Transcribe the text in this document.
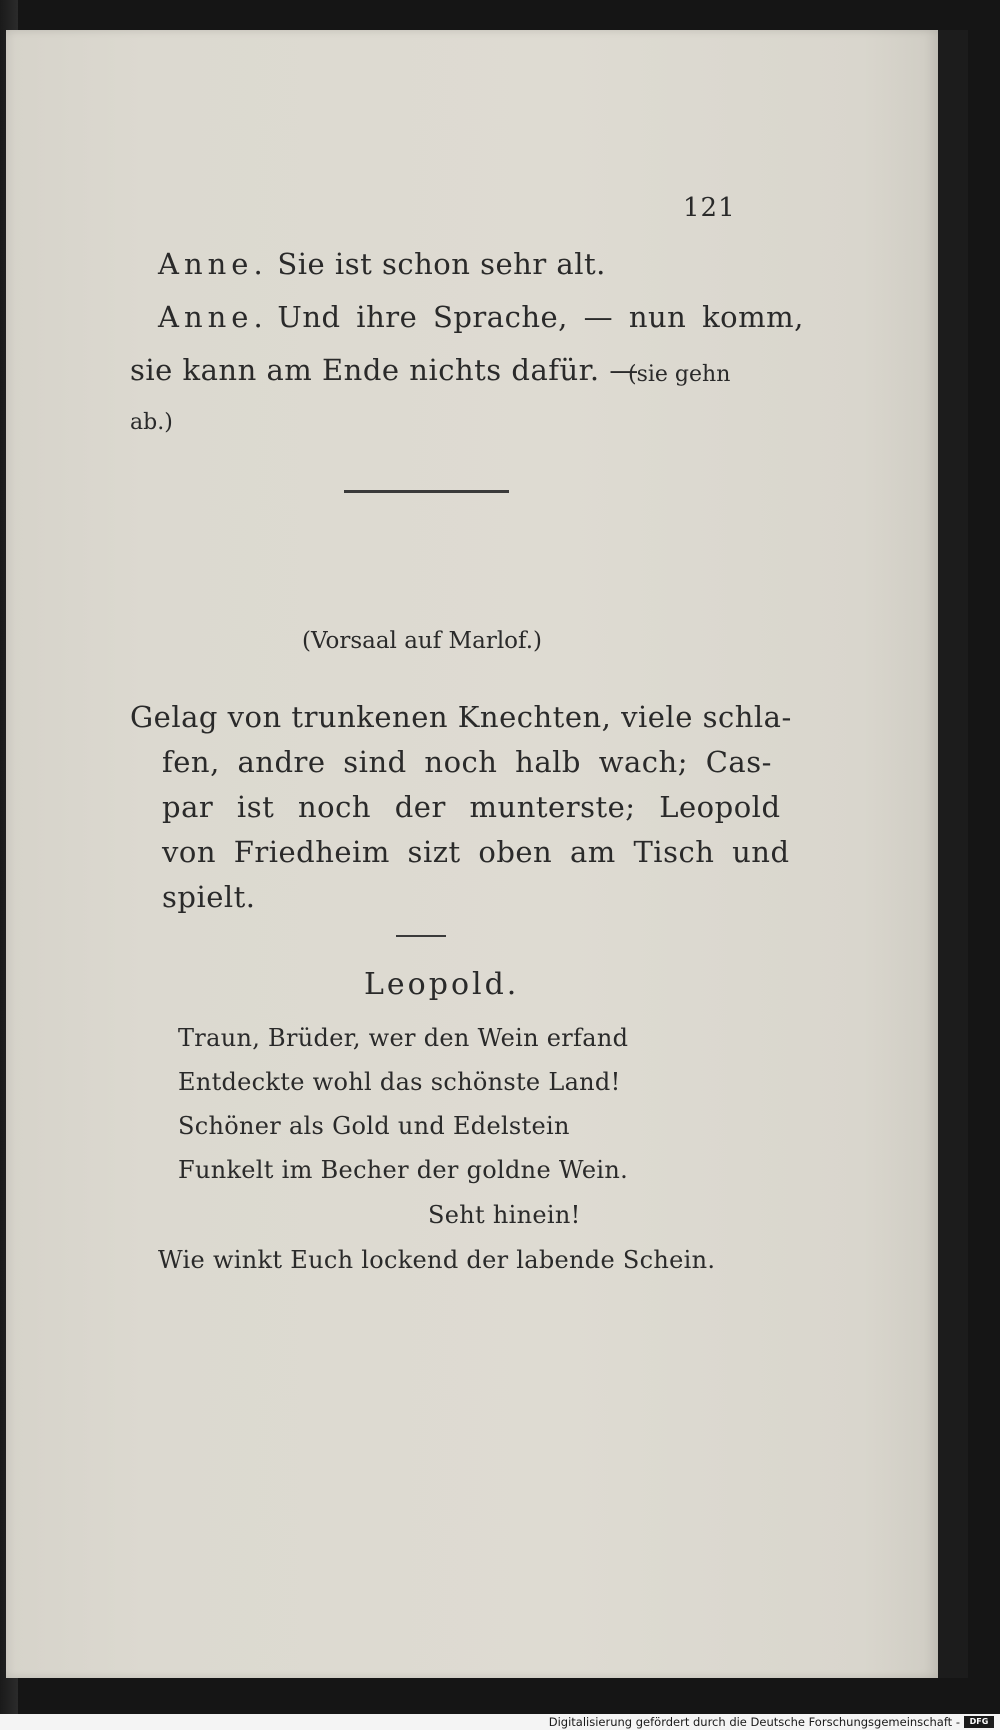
121
Anne. Sie ist schon sehr alt.
Anne. Und ihre Sprache, — nun komm,
sie kann am Ende nichts dafür. —
(sie gehn
ab.)
(Vorsaal auf Marlof.)
Gelag von trunkenen Knechten, viele schla-
fen, andre sind noch halb wach; Cas-
par ist noch der munterste; Leopold
von Friedheim sizt oben am Tisch und
spielt.
Leopold.
Traun, Brüder, wer den Wein erfand
Entdeckte wohl das schönste Land!
Schöner als Gold und Edelstein
Funkelt im Becher der goldne Wein.
Seht hinein!
Wie winkt Euch lockend der labende Schein.
Digitalisierung gefördert durch die Deutsche Forschungsgemeinschaft -	DFG
